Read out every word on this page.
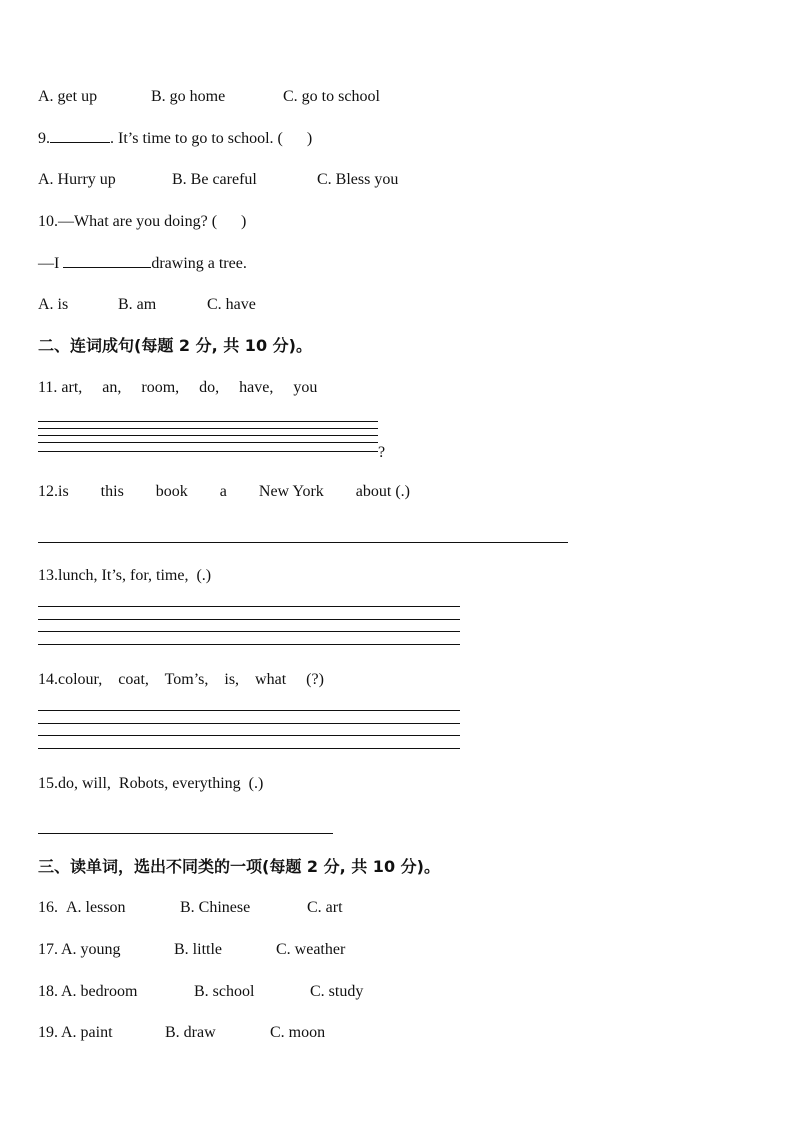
A. get up	B. go home	C. go to school
9.	. It’s time to go to school. (      )
A. Hurry up	B. Be careful	C. Bless you
10.—What are you doing? (      )
—I	drawing a tree.
A. is	B. am	C. have
二、连词成句(每题 2 分, 共 10 分)。
11. art,     an,     room,     do,     have,     you
?
12.is        this        book        a        New York        about (.)
13.lunch, It’s, for, time,  (.)
14.colour,    coat,    Tom’s,    is,    what     (?)
15.do, will,  Robots, everything  (.)
三、读单词，选出不同类的一项(每题 2 分, 共 10 分)。
16. A. lesson	B. Chinese	C. art
17. A. young	B. little	C. weather
18. A. bedroom	B. school	C. study
19. A. paint	B. draw	C. moon
